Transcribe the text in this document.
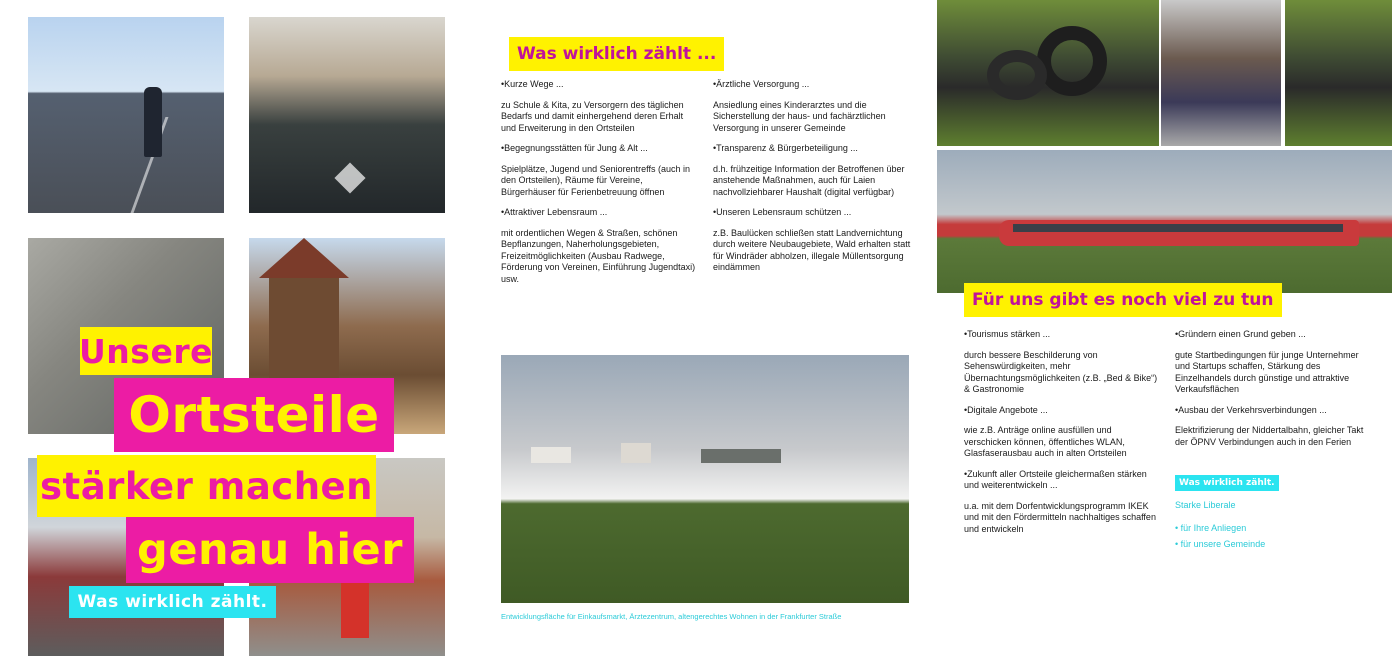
Unsere
Ortsteile
stärker machen
genau hier
Was wirklich zählt.
Was wirklich zählt ...

•Kurze Wege ...

zu Schule & Kita, zu Versorgern des täglichen Bedarfs und damit einhergehend deren Erhalt und Erweiterung in den Ortsteilen

•Begegnungsstätten für Jung & Alt ...

Spielplätze, Jugend und Seniorentreffs (auch in den Ortsteilen), Räume für Vereine, Bürgerhäuser für Ferienbetreuung öffnen

•Attraktiver Lebensraum ...

mit ordentlichen Wegen & Straßen, schönen Bepflanzungen, Naherholungsgebieten, Freizeitmöglichkeiten (Ausbau Radwege, Förderung von Vereinen, Einführung Jugendtaxi) usw.

•Ärztliche Versorgung ...

Ansiedlung eines Kinderarztes und die Sicherstellung der haus- und fachärztlichen Versorgung in unserer Gemeinde

•Transparenz & Bürgerbeteiligung ...

d.h. frühzeitige Information der Betroffenen über anstehende Maßnahmen, auch für Laien nachvollziehbarer Haushalt (digital verfügbar)

•Unseren Lebensraum schützen ...

z.B. Baulücken schließen statt Landvernichtung durch weitere Neubaugebiete, Wald erhalten statt für Windräder abholzen, illegale Müllentsorgung eindämmen

Entwicklungsfläche für Einkaufsmarkt, Ärztezentrum, altengerechtes Wohnen in der Frankfurter Straße
Für uns gibt es noch viel zu tun

•Tourismus stärken ...

durch bessere Beschilderung von Sehenswürdigkeiten, mehr Übernachtungsmöglichkeiten (z.B. „Bed & Bike“) & Gastronomie

•Digitale Angebote ...

wie z.B. Anträge online ausfüllen und verschicken können, öffentliches WLAN, Glasfaserausbau auch in alten Ortsteilen

•Zukunft aller Ortsteile gleichermaßen stärken und weiterentwickeln ...

u.a. mit dem Dorfentwicklungsprogramm IKEK und mit den Fördermitteln nachhaltiges schaffen und entwickeln

•Gründern einen Grund geben ...

gute Startbedingungen für junge Unternehmer und Startups schaffen, Stärkung des Einzelhandels durch günstige und attraktive Verkaufsflächen

•Ausbau der Verkehrsverbindungen ...

Elektrifizierung der Niddertalbahn, gleicher Takt der ÖPNV Verbindungen auch in den Ferien

Was wirklich zählt.
Starke Liberale
• für Ihre Anliegen
• für unsere Gemeinde
